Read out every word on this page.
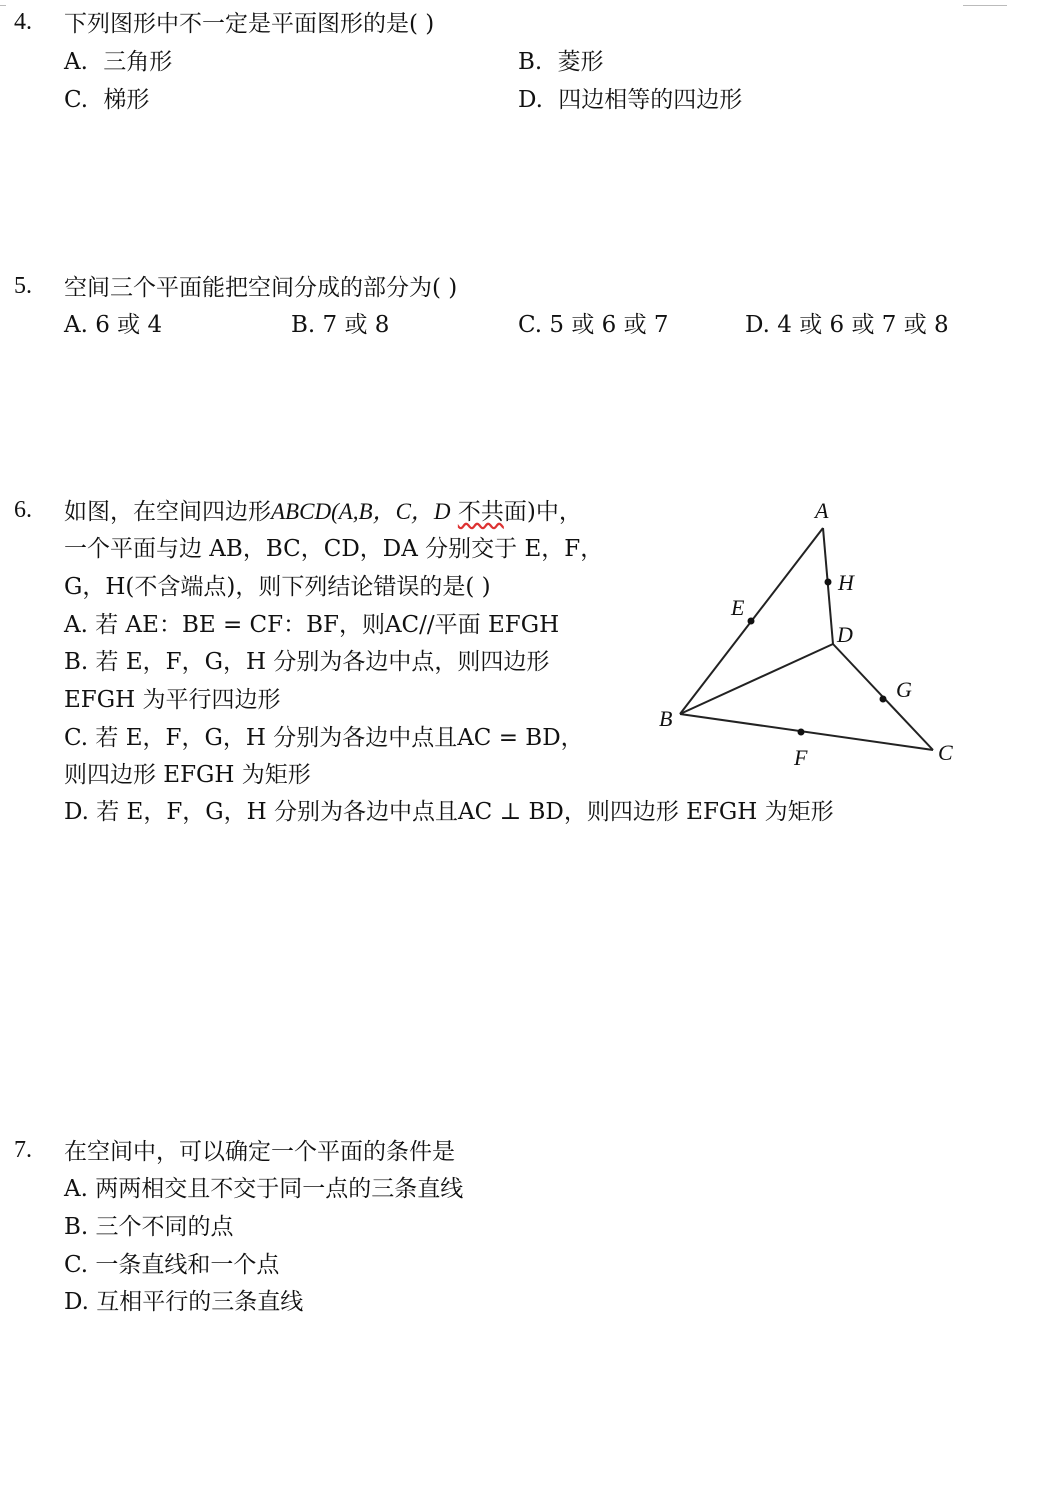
4. 下列图形中不一定是平面图形的是( )
A. 三角形	B. 菱形
C. 梯形	D. 四边相等的四边形
5. 空间三个平面能把空间分成的部分为( )
A. 6 或 4	B. 7 或 8	C. 5 或 6 或 7	D. 4 或 6 或 7 或 8
6. 如图，在空间四边形ABCD(A,B，C，D 不共面)中，
一个平面与边 AB，BC，CD，DA 分别交于 E，F，
G，H(不含端点)，则下列结论错误的是( )
A. 若 AE：BE = CF：BF，则AC//平面 EFGH
B. 若 E，F，G，H 分别为各边中点，则四边形
EFGH 为平行四边形
C. 若 E，F，G，H 分别为各边中点且AC = BD，
则四边形 EFGH 为矩形
D. 若 E，F，G，H 分别为各边中点且AC ⊥ BD，则四边形 EFGH 为矩形
A
H
E
D
G
B
F	C
7. 在空间中，可以确定一个平面的条件是
A. 两两相交且不交于同一点的三条直线
B. 三个不同的点
C. 一条直线和一个点
D. 互相平行的三条直线
